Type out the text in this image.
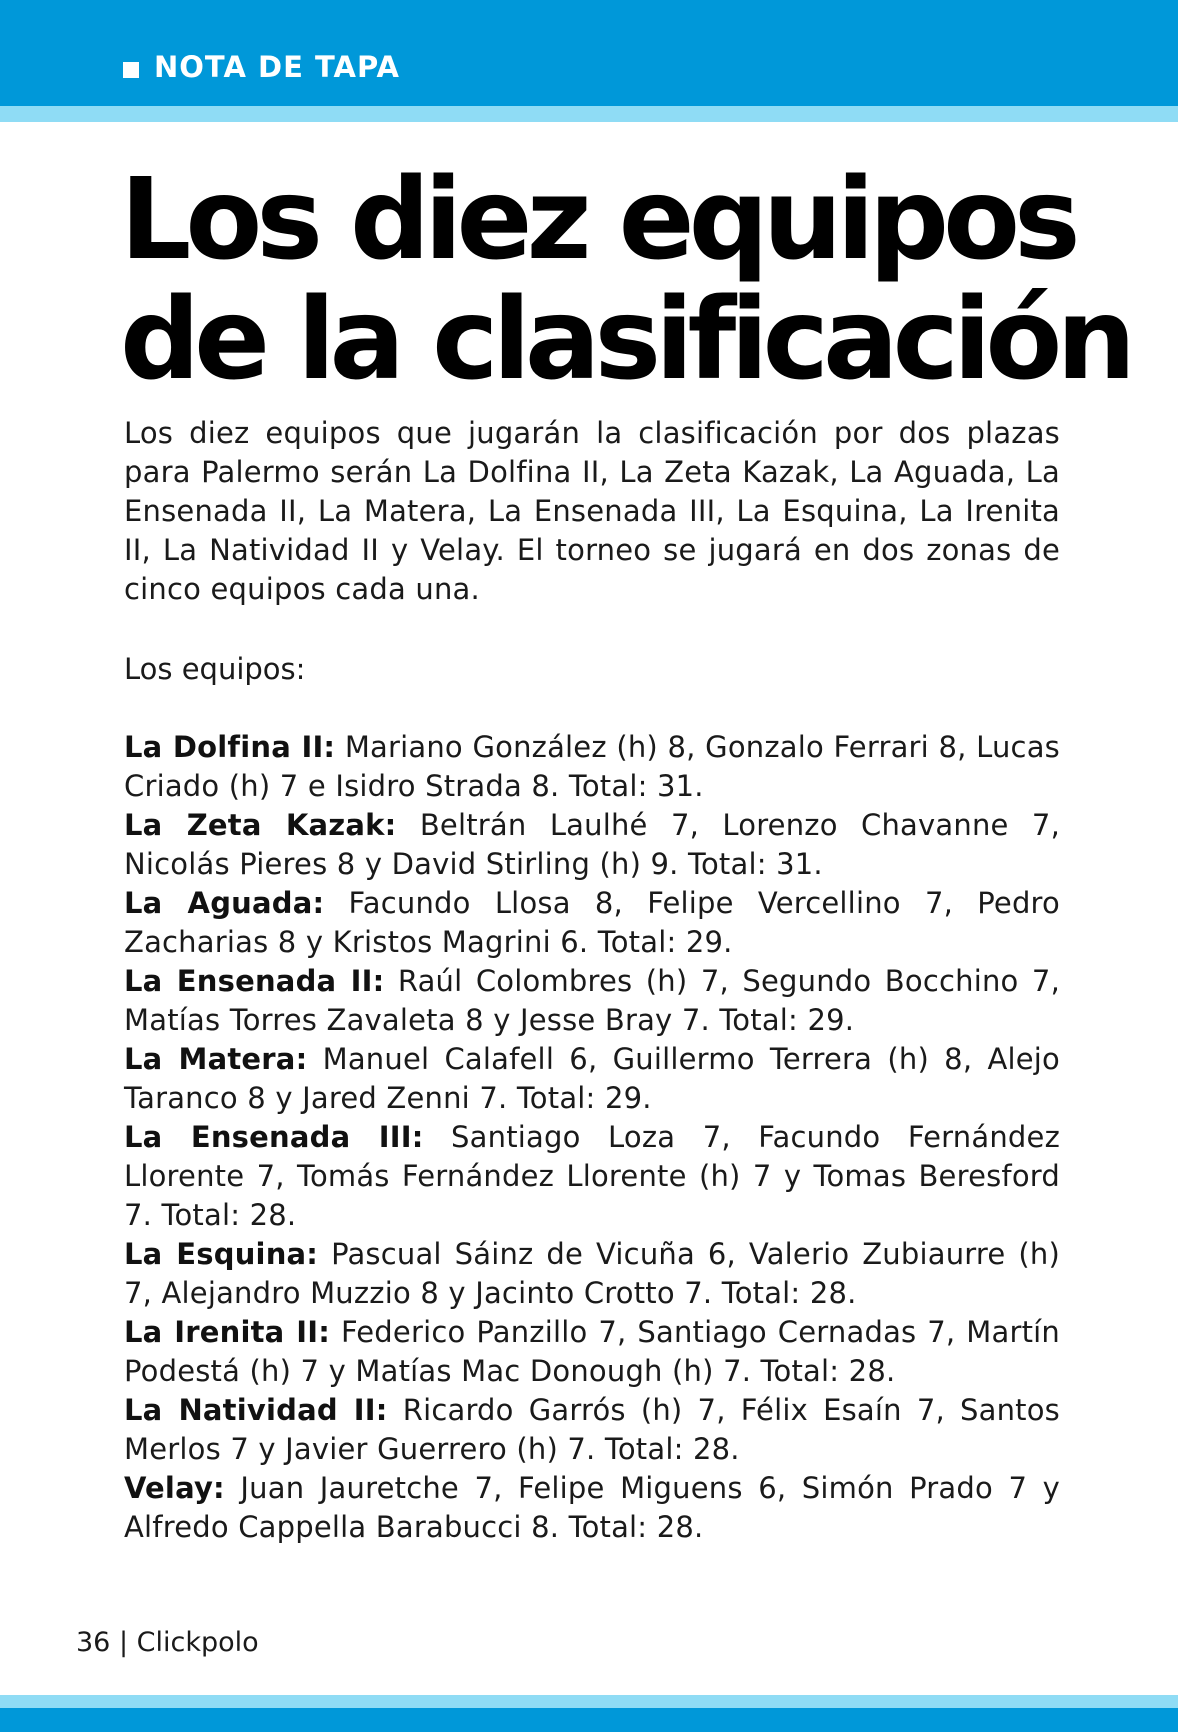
NOTA DE TAPA
Los diez equipos
de la clasificación

Los diez equipos que jugarán la clasificación por dos plazas para Palermo serán La Dolfina II, La Zeta Kazak, La Aguada, La Ensenada II, La Matera, La Ensenada III, La Esquina, La Irenita II, La Natividad II y Velay. El torneo se jugará en dos zonas de cinco equipos cada una.

Los equipos:

La Dolfina II: Mariano González (h) 8, Gonzalo Ferrari 8, Lucas Criado (h) 7 e Isidro Strada 8. Total: 31.
La Zeta Kazak: Beltrán Laulhé 7, Lorenzo Chavanne 7, Nicolás Pieres 8 y David Stirling (h) 9. Total: 31.
La Aguada: Facundo Llosa 8, Felipe Vercellino 7, Pedro Zacharias 8 y Kristos Magrini 6. Total: 29.
La Ensenada II: Raúl Colombres (h) 7, Segundo Bocchino 7, Matías Torres Zavaleta 8 y Jesse Bray 7. Total: 29.
La Matera: Manuel Calafell 6, Guillermo Terrera (h) 8, Alejo Taranco 8 y Jared Zenni 7. Total: 29.
La Ensenada III: Santiago Loza 7, Facundo Fernández Llorente 7, Tomás Fernández Llorente (h) 7 y Tomas Beresford 7. Total: 28.
La Esquina: Pascual Sáinz de Vicuña 6, Valerio Zubiaurre (h) 7, Alejandro Muzzio 8 y Jacinto Crotto 7. Total: 28.
La Irenita II: Federico Panzillo 7, Santiago Cernadas 7, Martín Podestá (h) 7 y Matías Mac Donough (h) 7. Total: 28.
La Natividad II: Ricardo Garrós (h) 7, Félix Esaín 7, Santos Merlos 7 y Javier Guerrero (h) 7. Total: 28.
Velay: Juan Jauretche 7, Felipe Miguens 6, Simón Prado 7 y Alfredo Cappella Barabucci 8. Total: 28.
36 | Clickpolo
